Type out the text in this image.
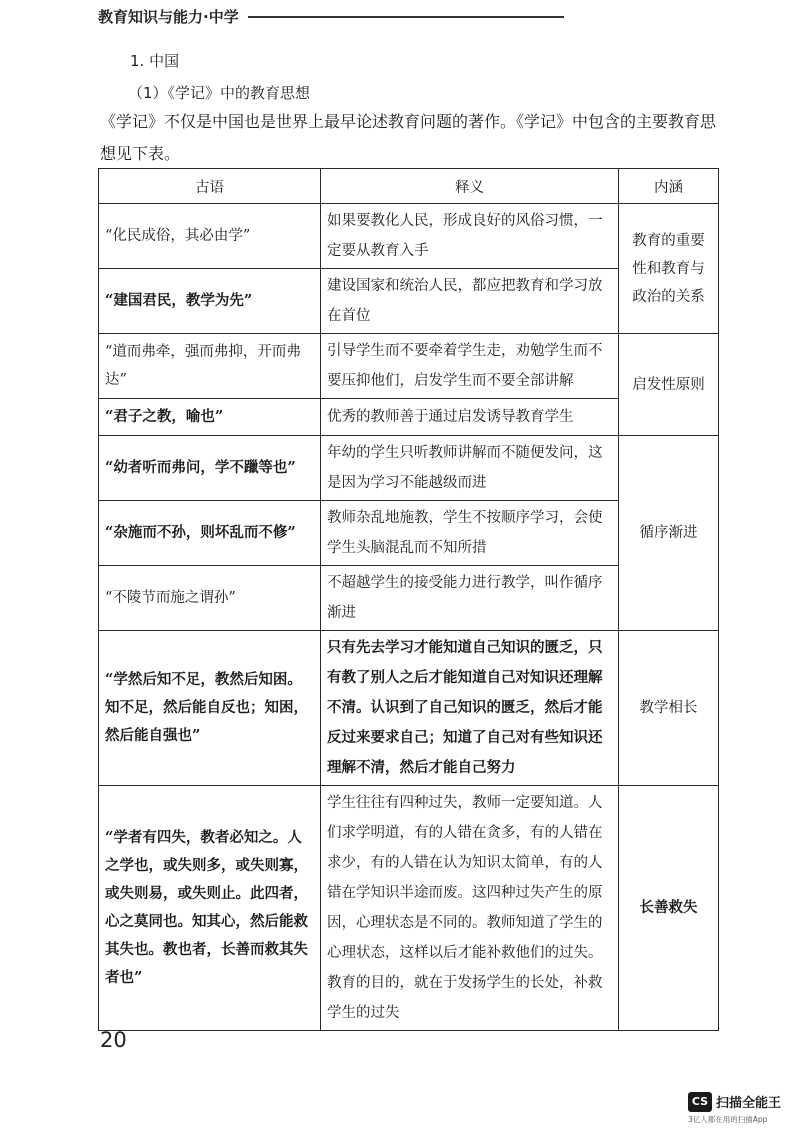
教育知识与能力·中学
1. 中国
（1）《学记》中的教育思想
《学记》不仅是中国也是世界上最早论述教育问题的著作。《学记》中包含的主要教育思想见下表。
古语	释义	内涵
“化民成俗，其必由学”	如果要教化人民，形成良好的风俗习惯，一定要从教育入手	教育的重要性和教育与政治的关系
“建国君民，教学为先”	建设国家和统治人民，都应把教育和学习放在首位	
“道而弗牵，强而弗抑，开而弗达”	引导学生而不要牵着学生走，劝勉学生而不要压抑他们，启发学生而不要全部讲解	启发性原则
“君子之教，喻也”	优秀的教师善于通过启发诱导教育学生	
“幼者听而弗问，学不躐等也”	年幼的学生只听教师讲解而不随便发问，这是因为学习不能越级而进	循序渐进
“杂施而不孙，则坏乱而不修”	教师杂乱地施教，学生不按顺序学习，会使学生头脑混乱而不知所措	
“不陵节而施之谓孙”	不超越学生的接受能力进行教学，叫作循序渐进	
“学然后知不足，教然后知困。知不足，然后能自反也；知困，然后能自强也”	只有先去学习才能知道自己知识的匮乏，只有教了别人之后才能知道自己对知识还理解不清。认识到了自己知识的匮乏，然后才能反过来要求自己；知道了自己对有些知识还理解不清，然后才能自己努力	教学相长
“学者有四失，教者必知之。人之学也，或失则多，或失则寡，或失则易，或失则止。此四者，心之莫同也。知其心，然后能救其失也。教也者，长善而救其失者也”	学生往往有四种过失，教师一定要知道。人们求学明道，有的人错在贪多，有的人错在求少，有的人错在认为知识太简单，有的人错在学知识半途而废。这四种过失产生的原因，心理状态是不同的。教师知道了学生的心理状态，这样以后才能补救他们的过失。教育的目的，就在于发扬学生的长处，补救学生的过失	长善救失
20
CS 扫描全能王
3亿人都在用的扫描App
